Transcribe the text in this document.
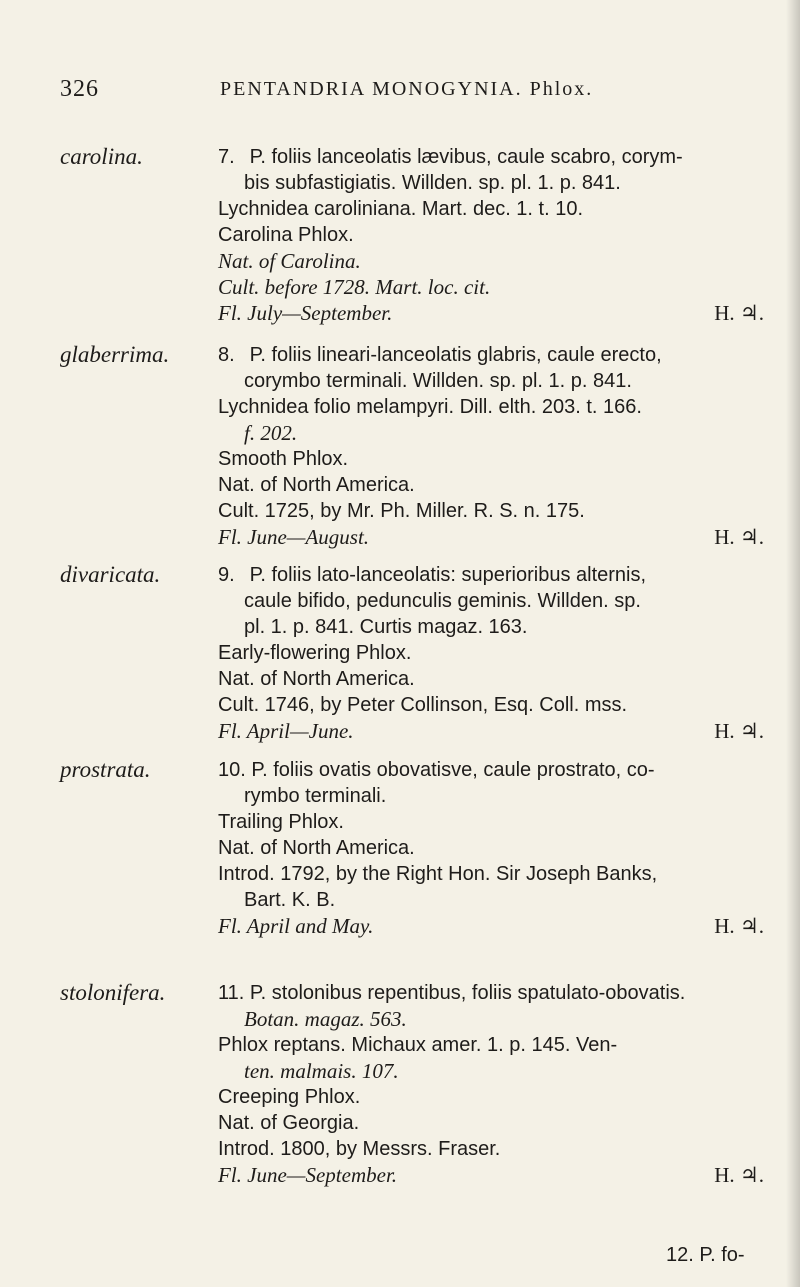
326	PENTANDRIA MONOGYNIA. Phlox.
carolina.	7. P. foliis lanceolatis lævibus, caule scabro, corym-
bis subfastigiatis. Willden. sp. pl. 1. p. 841.
Lychnidea caroliniana. Mart. dec. 1. t. 10.
Carolina Phlox.
Nat. of Carolina.
Cult. before 1728. Mart. loc. cit.
Fl. July—September.	H. ♃.
glaberrima. 8. P. foliis lineari-lanceolatis glabris, caule erecto,
corymbo terminali. Willden. sp. pl. 1. p. 841.
Lychnidea folio melampyri. Dill. elth. 203. t. 166.
f. 202.
Smooth Phlox.
Nat. of North America.
Cult. 1725, by Mr. Ph. Miller. R. S. n. 175.
Fl. June—August.	H. ♃.
divaricata.	9. P. foliis lato-lanceolatis: superioribus alternis,
caule bifido, pedunculis geminis. Willden. sp.
pl. 1. p. 841. Curtis magaz. 163.
Early-flowering Phlox.
Nat. of North America.
Cult. 1746, by Peter Collinson, Esq. Coll. mss.
Fl. April—June.	H. ♃.
prostrata.	10. P. foliis ovatis obovatisve, caule prostrato, co-
rymbo terminali.
Trailing Phlox.
Nat. of North America.
Introd. 1792, by the Right Hon. Sir Joseph Banks,
Bart. K. B.
Fl. April and May.	H. ♃.
stolonifera.	11. P. stolonibus repentibus, foliis spatulato-obovatis.
Botan. magaz. 563.
Phlox reptans. Michaux amer. 1. p. 145. Ven-
ten. malmais. 107.
Creeping Phlox.
Nat. of Georgia.
Introd. 1800, by Messrs. Fraser.
Fl. June—September.	H. ♃.
12. P. fo-
